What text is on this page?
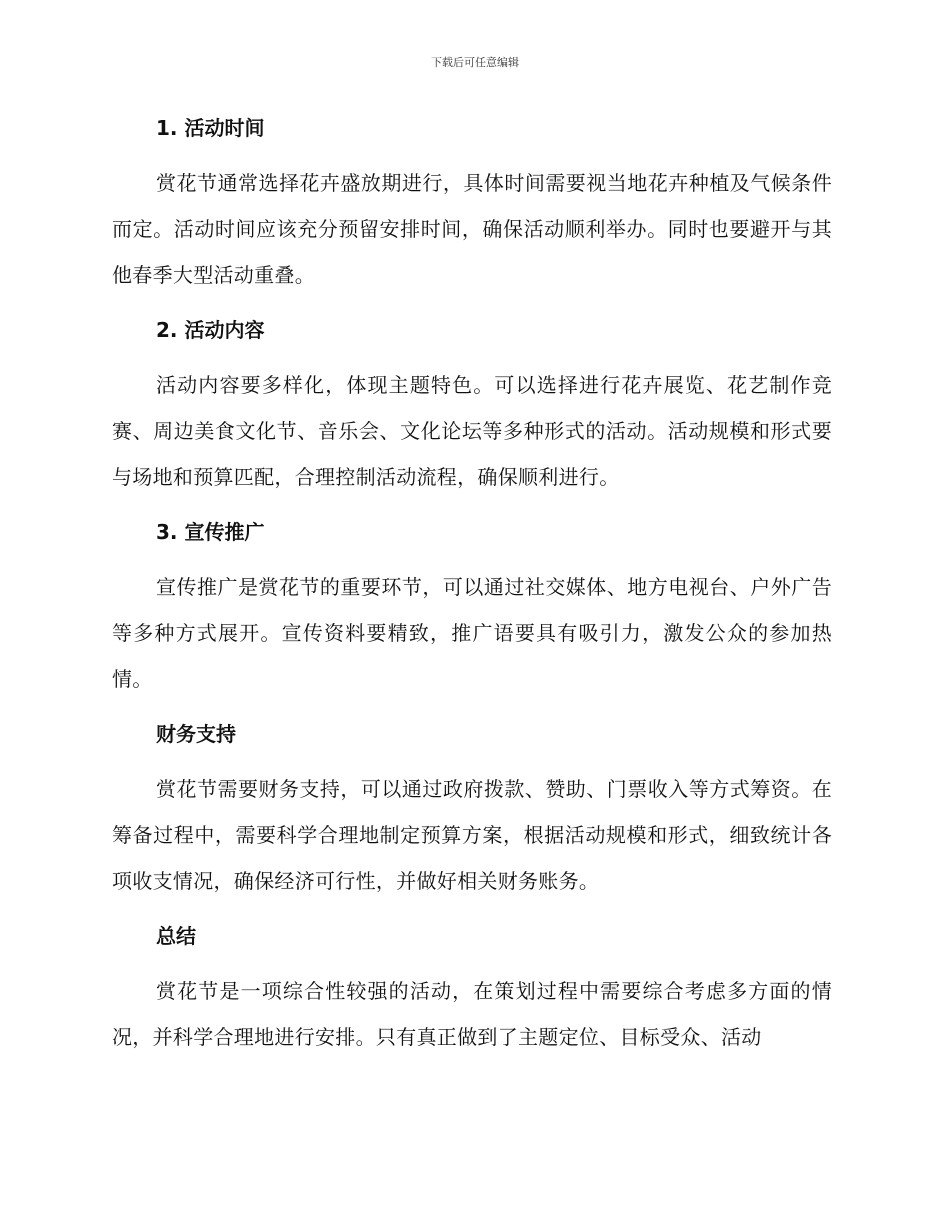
下载后可任意编辑
1. 活动时间

赏花节通常选择花卉盛放期进行，具体时间需要视当地花卉种植及气候条件而定。活动时间应该充分预留安排时间，确保活动顺利举办。同时也要避开与其他春季大型活动重叠。

2. 活动内容

活动内容要多样化，体现主题特色。可以选择进行花卉展览、花艺制作竞赛、周边美食文化节、音乐会、文化论坛等多种形式的活动。活动规模和形式要与场地和预算匹配，合理控制活动流程，确保顺利进行。

3. 宣传推广

宣传推广是赏花节的重要环节，可以通过社交媒体、地方电视台、户外广告等多种方式展开。宣传资料要精致，推广语要具有吸引力，激发公众的参加热情。

财务支持

赏花节需要财务支持，可以通过政府拨款、赞助、门票收入等方式筹资。在筹备过程中，需要科学合理地制定预算方案，根据活动规模和形式，细致统计各项收支情况，确保经济可行性，并做好相关财务账务。

总结

赏花节是一项综合性较强的活动，在策划过程中需要综合考虑多方面的情况，并科学合理地进行安排。只有真正做到了主题定位、目标受众、活动
